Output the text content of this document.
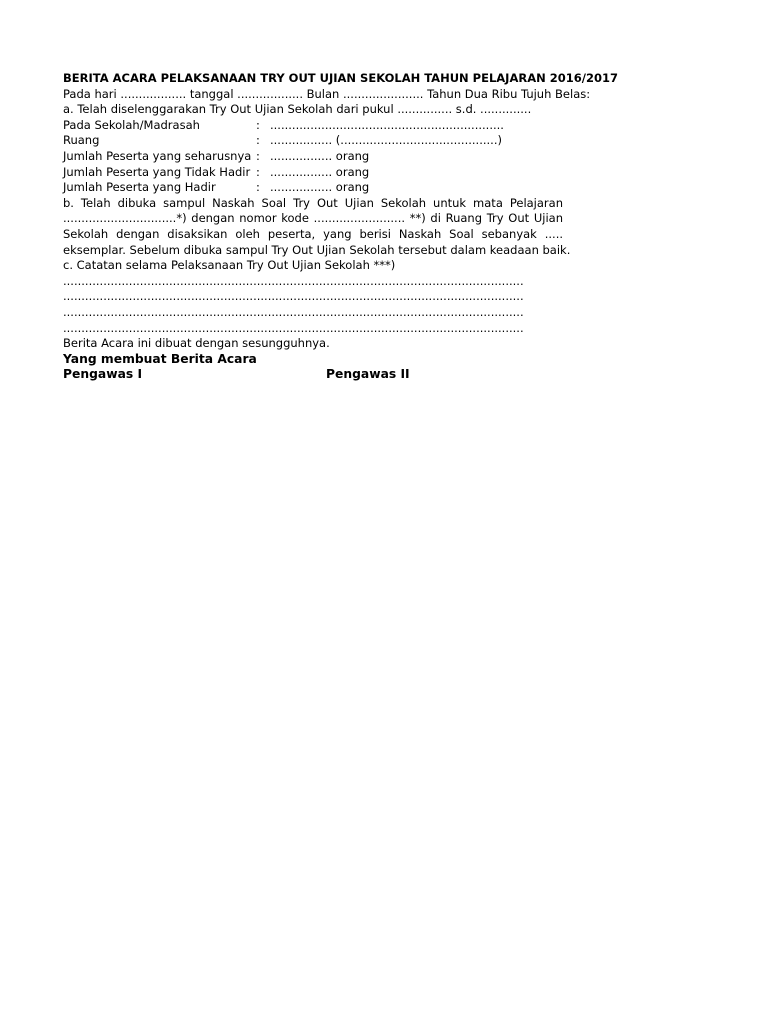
BERITA ACARA PELAKSANAAN TRY OUT UJIAN SEKOLAH TAHUN PELAJARAN 2016/2017
Pada hari .................. tanggal .................. Bulan ...................... Tahun Dua Ribu Tujuh Belas:
a. Telah diselenggarakan Try Out Ujian Sekolah dari pukul ............... s.d. ..............
Pada Sekolah/Madrasah	: ................................................................
Ruang	: ................. (...........................................)
Jumlah Peserta yang seharusnya : ................. orang
Jumlah Peserta yang Tidak Hadir : ................. orang
Jumlah Peserta yang Hadir	: ................. orang
b. Telah dibuka sampul Naskah Soal Try Out Ujian Sekolah untuk mata Pelajaran
...............................*) dengan nomor kode ......................... **) di Ruang Try Out Ujian
Sekolah dengan disaksikan oleh peserta, yang berisi Naskah Soal sebanyak .....
eksemplar. Sebelum dibuka sampul Try Out Ujian Sekolah tersebut dalam keadaan baik.
c. Catatan selama Pelaksanaan Try Out Ujian Sekolah ***)
..............................................................................................................................
..............................................................................................................................
..............................................................................................................................
..............................................................................................................................
Berita Acara ini dibuat dengan sesungguhnya.
Yang membuat Berita Acara
Pengawas I	Pengawas II
